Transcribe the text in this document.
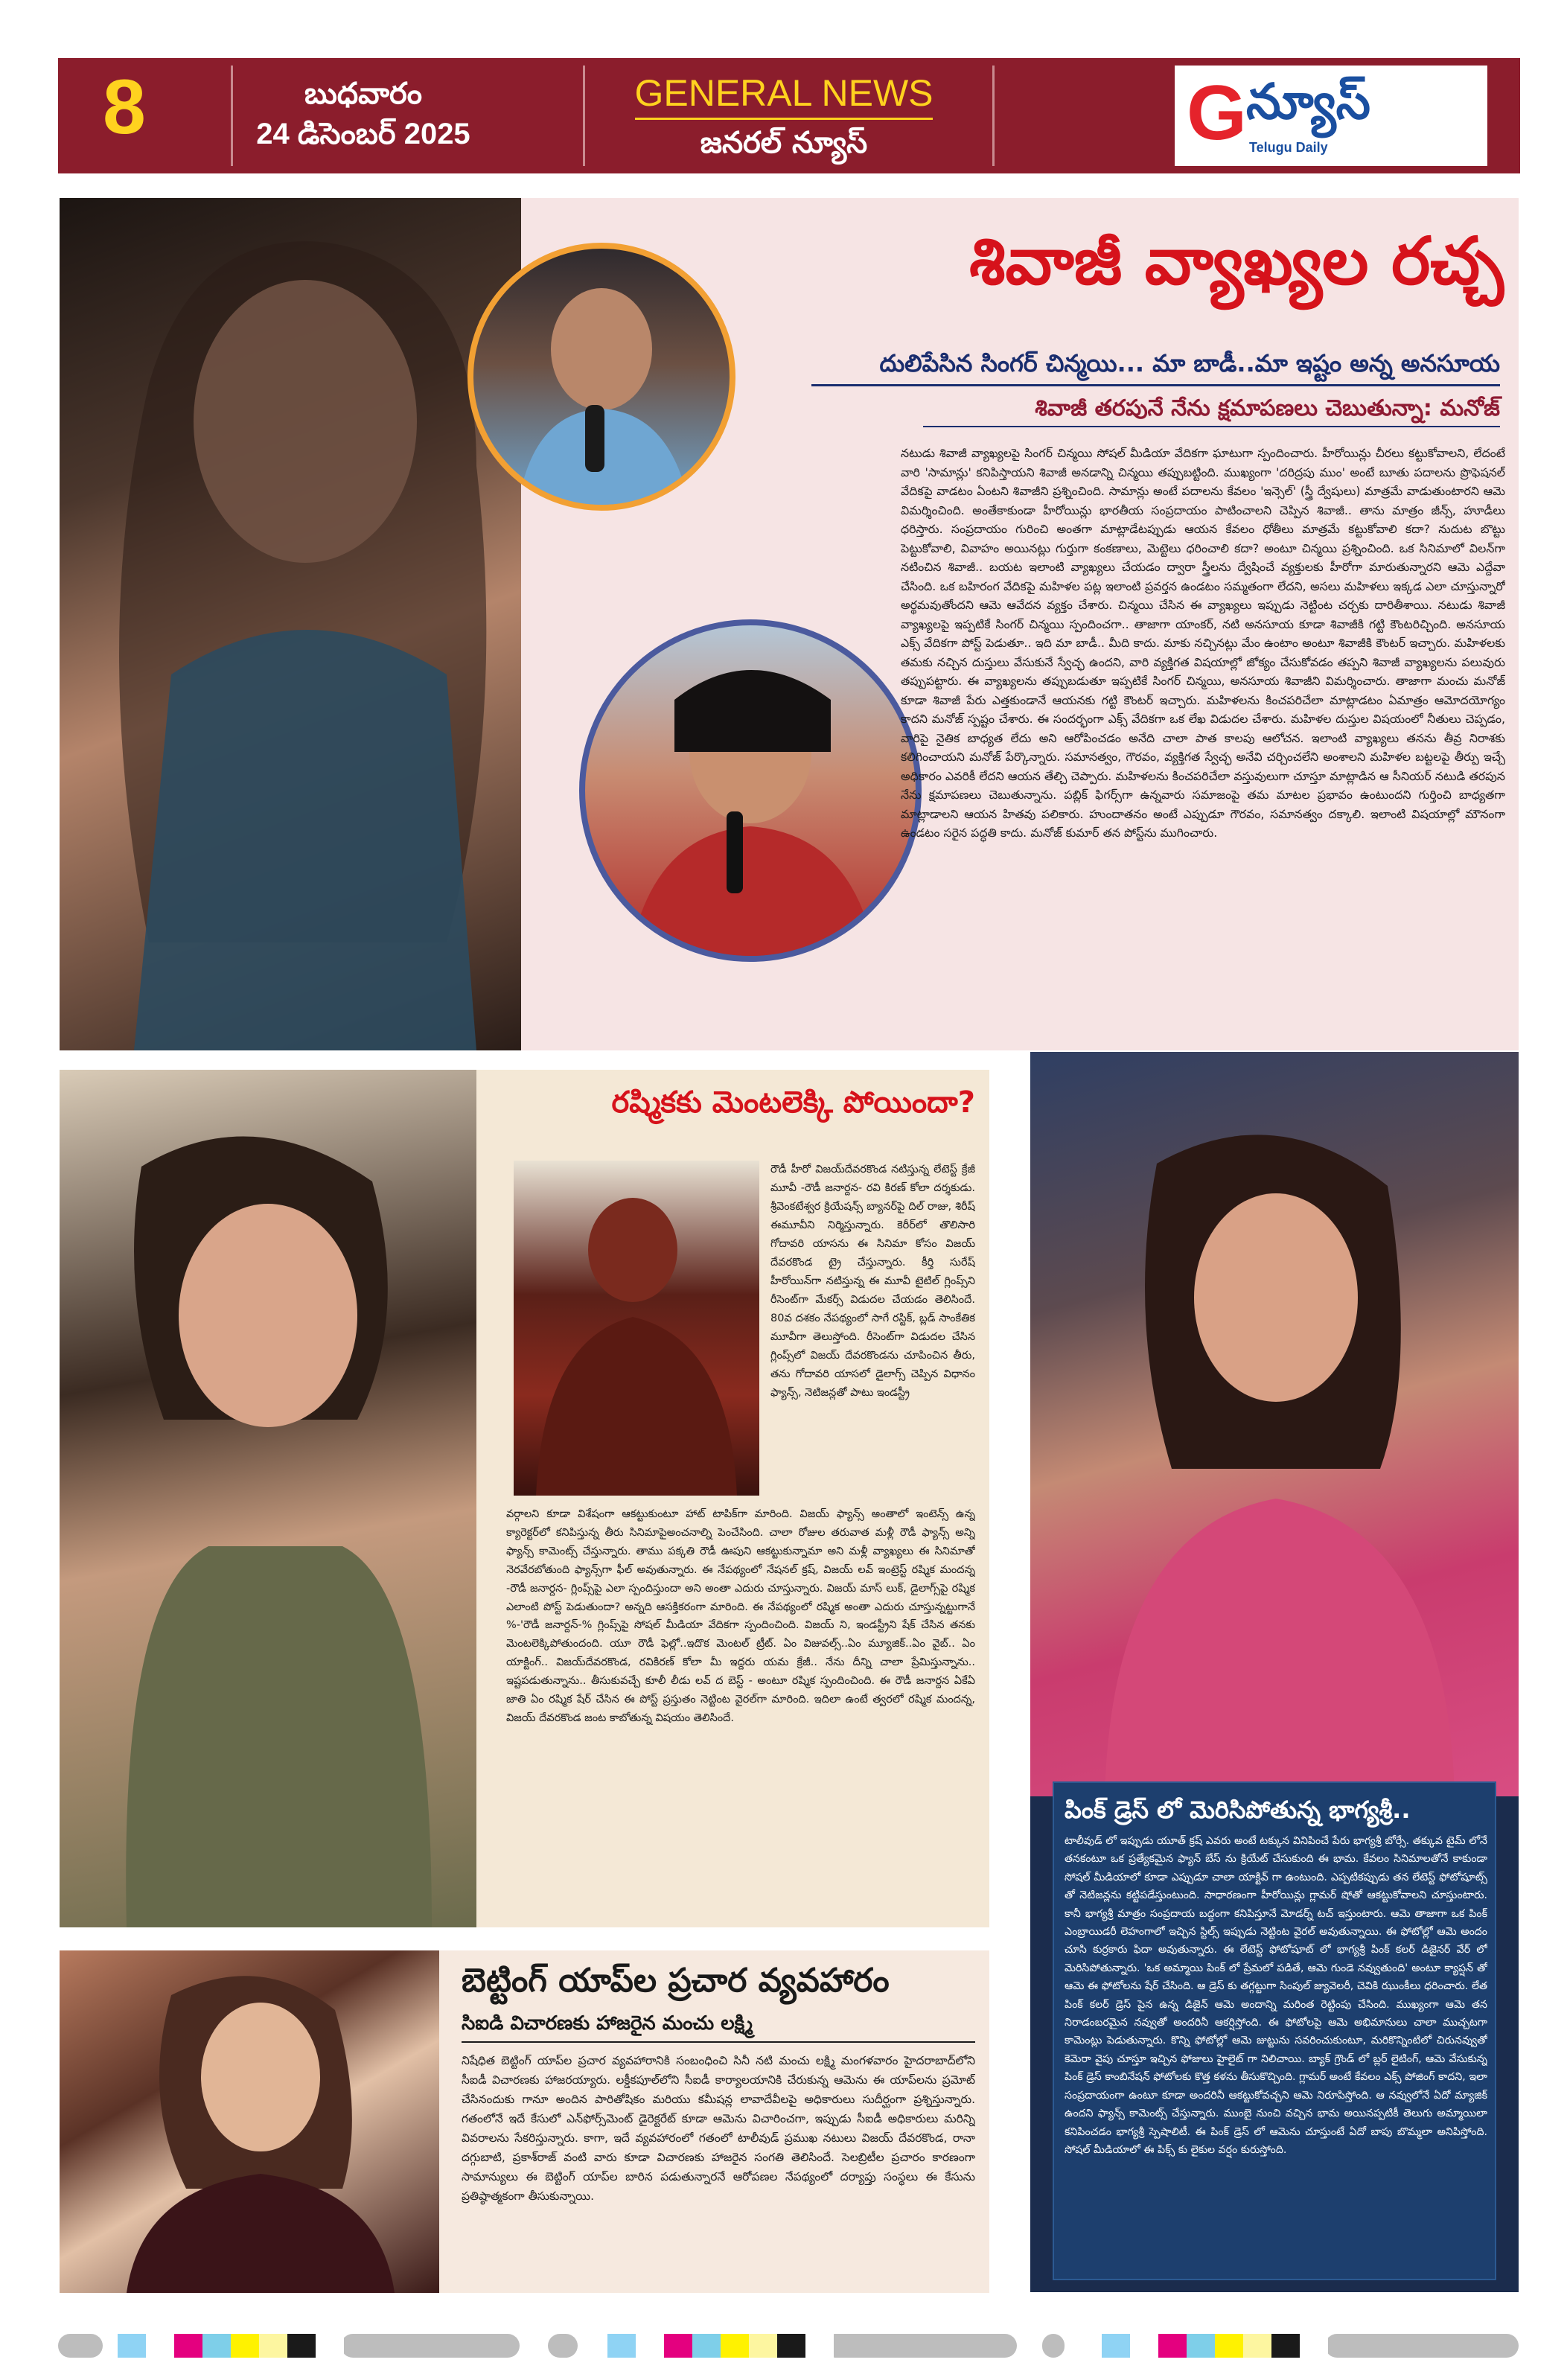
8	బుధవారం
24 డిసెంబర్ 2025
GENERAL NEWS
జనరల్ న్యూస్	G న్యూస్
Telugu Daily
శివాజీ వ్యాఖ్యల రచ్చ
దులిపేసిన సింగర్ చిన్మయి... మా బాడీ..మా ఇష్టం అన్న అనసూయ
శివాజీ తరపునే నేను క్షమాపణలు చెబుతున్నా: మనోజ్
నటుడు శివాజీ వ్యాఖ్యలపై సింగర్ చిన్మయి సోషల్ మీడియా వేదికగా ఘాటుగా స్పందించారు. హీరోయిన్లు చీరలు కట్టుకోవాలని, లేదంటే వారి 'సామాన్లు' కనిపిస్తాయని శివాజీ అనడాన్ని చిన్మయి తప్పుబట్టింది. ముఖ్యంగా 'దరిద్రపు ముం' అంటే బూతు పదాలను ప్రొఫెషనల్ వేదికపై వాడటం ఏంటని శివాజీని ప్రశ్నించింది. సామాన్లు అంటే పదాలను కేవలం 'ఇన్సెల్' (స్త్రీ ద్వేషులు) మాత్రమే వాడుతుంటారని ఆమె విమర్శించింది. అంతేకాకుండా హీరోయిన్లు భారతీయ సంప్రదాయం పాటించాలని చెప్పిన శివాజీ.. తాను మాత్రం జీన్స్, హూడీలు ధరిస్తారు. సంప్రదాయం గురించి అంతగా మాట్లాడేటప్పుడు ఆయన కేవలం ధోతీలు మాత్రమే కట్టుకోవాలి కదా? నుదుట బొట్టు పెట్టుకోవాలి, వివాహం అయినట్లు గుర్తుగా కంకణాలు, మెట్టెలు ధరించాలి కదా? అంటూ చిన్మయి ప్రశ్నించింది. ఒక సినిమాలో విలన్‌గా నటించిన శివాజీ.. బయట ఇలాంటి వ్యాఖ్యలు చేయడం ద్వారా స్త్రీలను ద్వేషించే వ్యక్తులకు హీరోగా మారుతున్నారని ఆమె ఎద్దేవా చేసింది. ఒక బహిరంగ వేదికపై మహిళల పట్ల ఇలాంటి ప్రవర్తన ఉండటం సమ్మతంగా లేదని, అసలు మహిళలు ఇక్కడ ఎలా చూస్తున్నారో అర్థమవుతోందని ఆమె ఆవేదన వ్యక్తం చేశారు. చిన్మయి చేసిన ఈ వ్యాఖ్యలు ఇప్పుడు నెట్టింట చర్చకు దారితీశాయి. నటుడు శివాజీ వ్యాఖ్యలపై ఇప్పటికే సింగర్ చిన్మయి స్పందించగా.. తాజాగా యాంకర్, నటి అనసూయ కూడా శివాజీకి గట్టి కౌంటరిచ్చింది. అనసూయ ఎక్స్ వేదికగా పోస్ట్ పెడుతూ.. ఇది మా బాడీ.. మీది కాదు. మాకు నచ్చినట్లు మేం ఉంటాం అంటూ శివాజీకి కౌంటర్ ఇచ్చారు. మహిళలకు తమకు నచ్చిన దుస్తులు వేసుకునే స్వేచ్ఛ ఉందని, వారి వ్యక్తిగత విషయాల్లో జోక్యం చేసుకోవడం తప్పని శివాజీ వ్యాఖ్యలను పలువురు తప్పుపట్టారు. ఈ వ్యాఖ్యలను తప్పుబడుతూ ఇప్పటికే సింగర్ చిన్మయి, అనసూయ శివాజీని విమర్శించారు. తాజాగా మంచు మనోజ్ కూడా శివాజీ పేరు ఎత్తకుండానే ఆయనకు గట్టి కౌంటర్ ఇచ్చారు. మహిళలను కించపరిచేలా మాట్లాడటం ఏమాత్రం ఆమోదయోగ్యం కాదని మనోజ్ స్పష్టం చేశారు. ఈ సందర్భంగా ఎక్స్ వేదికగా ఒక లేఖ విడుదల చేశారు. మహిళల దుస్తుల విషయంలో నీతులు చెప్పడం, వారిపై నైతిక బాధ్యత లేదు అని ఆరోపించడం అనేది చాలా పాత కాలపు ఆలోచన. ఇలాంటి వ్యాఖ్యలు తనను తీవ్ర నిరాశకు కలిగించాయని మనోజ్ పేర్కొన్నారు. సమానత్వం, గౌరవం, వ్యక్తిగత స్వేచ్ఛ అనేవి చర్చించలేని అంశాలని మహిళల బట్టలపై తీర్పు ఇచ్చే అధికారం ఎవరికీ లేదని ఆయన తేల్చి చెప్పారు. మహిళలను కించపరిచేలా వస్తువులుగా చూస్తూ మాట్లాడిన ఆ సీనియర్ నటుడి తరపున నేను క్షమాపణలు చెబుతున్నాను. పబ్లిక్ ఫిగర్స్‌గా ఉన్నవారు సమాజంపై తమ మాటల ప్రభావం ఉంటుందని గుర్తించి బాధ్యతగా మాట్లాడాలని ఆయన హితవు పలికారు. హుందాతనం అంటే ఎప్పుడూ గౌరవం, సమానత్వం దక్కాలి. ఇలాంటి విషయాల్లో మౌనంగా ఉండటం సరైన పద్ధతి కాదు. మనోజ్ కుమార్ తన పోస్ట్‌ను ముగించారు.
రష్మికకు మెంటలెక్కి పోయిందా?
రౌడీ హీరో విజయ్‌దేవరకొండ నటిస్తున్న లేటెస్ట్ క్రేజీ మూవీ -రౌడీ జనార్దన- రవి కిరణ్ కోలా దర్శకుడు. శ్రీవెంకటేశ్వర క్రియేషన్స్ బ్యానర్‌పై దిల్ రాజు, శిరీష్ ఈమూవీని నిర్మిస్తున్నారు. కెరీర్‌లో తొలిసారి గోదావరి యాసను ఈ సినిమా కోసం విజయ్ దేవరకొండ ట్రై చేస్తున్నారు. కీర్తి సురేష్ హీరోయిన్‌గా నటిస్తున్న ఈ మూవీ టైటిల్ గ్లింప్స్‌ని రీసెంట్‌గా మేకర్స్ విడుదల చేయడం తెలిసిందే. 80వ దశకం నేపథ్యంలో సాగే రస్టిక్, బ్లడ్ సాంకేతిక మూవీగా తెలుస్తోంది. రీసెంట్‌గా విడుదల చేసిన గ్లింప్స్‌లో విజయ్ దేవరకొండను చూపించిన తీరు, తను గోదావరి యాసలో డైలాగ్స్ చెప్పిన విధానం ఫ్యాన్స్, నెటిజన్లతో పాటు ఇండస్ట్రీ
వర్గాలని కూడా విశేషంగా ఆకట్టుకుంటూ హాట్ టాపిక్‌గా మారింది. విజయ్ ఫ్యాన్స్ అంతా‌లో ఇంటెన్స్ ఉన్న క్యారెక్టర్‌లో కనిపిస్తున్న తీరు సినిమాపైఅంచనాల్ని పెంచేసింది. చాలా రోజుల తరువాత మళ్లీ రౌడీ ఫ్యాన్స్ అన్ని ఫ్యాన్స్ కామెంట్స్ చేస్తున్నారు. తాము పక్కతి రౌడీ ఊపుని ఆకట్టుకున్నామా అని మళ్లీ వ్యాఖ్యలు ఈ సినిమాతో నెరవేరబోతుంది ఫ్యాన్స్‌గా ఫీల్ అవుతున్నారు. ఈ నేపథ్యంలో నేషనల్ క్రష్, విజయ్ లవ్ ఇంట్రెస్ట్ రష్మిక మందన్న -రౌడీ జనార్దన- గ్లింప్స్‌పై ఎలా స్పందిస్తుందా అని అంతా ఎదురు చూస్తున్నారు. విజయ్ మాస్ లుక్, డైలాగ్స్‌పై రష్మిక ఎలాంటి పోస్ట్ పెడుతుందా? అన్నది ఆసక్తికరంగా మారింది. ఈ నేపథ్యంలో రష్మిక అంతా ఎదురు చూస్తున్నట్టుగానే %-'రౌడీ జనార్దన్-% గ్లింప్స్‌పై సోషల్ మీడియా వేదికగా స్పందించింది. విజయ్ ని, ఇండస్ట్రీని షేక్ చేసిన తనకు మెంటలెక్కిపోతుందంది. యూ రౌడీ ఫెల్లో..ఇదొక మెంటల్ ట్రీట్. ఏం విజువల్స్..ఏం మ్యూజిక్..ఏం వైబ్.. ఏం యాక్టింగ్.. విజయ్‌దేవరకొండ, రవికిరణ్ కోలా మీ ఇద్దరు యమ క్రేజీ.. నేను దీన్ని చాలా ప్రేమిస్తున్నాను.. ఇష్టపడుతున్నాను.. తీసుకువచ్చే కూలీ లీడు లవ్ ద బెస్ట్ - అంటూ రష్మిక స్పందించింది. ఈ రౌడీ జనార్దన ఏకేఏ జాతి ఏం రష్మిక షేర్ చేసిన ఈ పోస్ట్ ప్రస్తుతం నెట్టింట వైరల్‌గా మారింది. ఇదిలా ఉంటే త్వరలో రష్మిక మందన్న, విజయ్ దేవరకొండ జంట కాబోతున్న విషయం తెలిసిందే.
పింక్ డ్రెస్ లో మెరిసిపోతున్న భాగ్యశ్రీ..
టాలీవుడ్ లో ఇప్పుడు యూత్ క్రష్ ఎవరు అంటే టక్కున వినిపించే పేరు భాగ్యశ్రీ బోర్సే. తక్కువ టైమ్ లోనే తనకంటూ ఒక ప్రత్యేకమైన ఫ్యాన్ బేస్ ను క్రియేట్ చేసుకుంది ఈ భామ. కేవలం సినిమాలతోనే కాకుండా సోషల్ మీడియాలో కూడా ఎప్పుడూ చాలా యాక్టివ్ గా ఉంటుంది. ఎప్పటికప్పుడు తన లేటెస్ట్ ఫోటోషూట్స్ తో నెటిజన్లను కట్టిపడేస్తుంటుంది. సాధారణంగా హీరోయిన్లు గ్లామర్ షోతో ఆకట్టుకోవాలని చూస్తుంటారు. కానీ భాగ్యశ్రీ మాత్రం సంప్రదాయ బద్ధంగా కనిపిస్తూనే మోడర్న్ టచ్ ఇస్తుంటారు. ఆమె తాజాగా ఒక పింక్ ఎంబ్రాయిడరీ లెహంగాలో ఇచ్చిన స్టిల్స్ ఇప్పుడు నెట్టింట వైరల్ అవుతున్నాయి. ఈ ఫోటోల్లో ఆమె అందం చూసి కుర్రకారు ఫిదా అవుతున్నారు. ఈ లేటెస్ట్ ఫోటోషూట్ లో భాగ్యశ్రీ పింక్ కలర్ డిజైనర్ వేర్ లో మెరిసిపోతున్నారు. 'ఒక అమ్మాయి పింక్ లో ప్రేమలో పడితే, ఆమె గుండె నవ్వుతుంది' అంటూ క్యాప్షన్ తో ఆమె ఈ ఫోటోలను షేర్ చేసింది. ఆ డ్రెస్ కు తగ్గట్టుగా సింపుల్ జ్యువెలరీ, చెవికి ఝుంకీలు ధరించారు. లేత పింక్ కలర్ డ్రెస్ పైన ఉన్న డిజైన్ ఆమె అందాన్ని మరింత రెట్టింపు చేసింది. ముఖ్యంగా ఆమె తన నిరాడంబరమైన నవ్వుతో అందరినీ ఆకర్షిస్తోంది. ఈ ఫోటోలపై ఆమె అభిమానులు చాలా ముచ్చటగా కామెంట్లు పెడుతున్నారు. కొన్ని ఫోటోల్లో ఆమె జుట్టును సవరించుకుంటూ, మరికొన్నింటిలో చిరునవ్వుతో కెమెరా వైపు చూస్తూ ఇచ్చిన ఫోజులు హైలైట్ గా నిలిచాయి. బ్యాక్ గ్రౌండ్ లో బ్లర్ లైటింగ్, ఆమె వేసుకున్న పింక్ డ్రెస్ కాంబినేషన్ ఫోటోలకు కొత్త కళను తీసుకొచ్చింది. గ్లామర్ అంటే కేవలం ఎక్స్ పోజింగ్ కాదని, ఇలా సంప్రదాయంగా ఉంటూ కూడా అందరినీ ఆకట్టుకోవచ్చని ఆమె నిరూపిస్తోంది. ఆ నవ్వులోనే ఏదో మ్యాజిక్ ఉందని ఫ్యాన్స్ కామెంట్స్ చేస్తున్నారు. ముంబై నుంచి వచ్చిన భామ అయినప్పటికీ తెలుగు అమ్మాయిలా కనిపించడం భాగ్యశ్రీ స్పెషాలిటీ. ఈ పింక్ డ్రెస్ లో ఆమెను చూస్తుంటే ఏదో బాపు బొమ్మలా అనిపిస్తోంది. సోషల్ మీడియాలో ఈ పిక్స్ కు లైకుల వర్షం కురుస్తోంది.
బెట్టింగ్ యాప్‌ల ప్రచార వ్యవహారం
సిఐడి విచారణకు హాజరైన మంచు లక్ష్మి
నిషేధిత బెట్టింగ్ యాప్‌ల ప్రచార వ్యవహారానికి సంబంధించి సినీ నటి మంచు లక్ష్మి మంగళవారం హైదరాబాద్‌లోని సీఐడీ విచారణకు హాజరయ్యారు. లక్డీకపూల్‌లోని సీఐడీ కార్యాలయానికి చేరుకున్న ఆమెను ఈ యాప్‌లను ప్రమోట్ చేసినందుకు గానూ అందిన పారితోషికం మరియు కమీషన్ల లావాదేవీలపై అధికారులు సుదీర్ఘంగా ప్రశ్నిస్తున్నారు. గతంలోనే ఇదే కేసులో ఎన్‌ఫోర్స్‌మెంట్ డైరెక్టరేట్ కూడా ఆమెను విచారించగా, ఇప్పుడు సీఐడీ అధికారులు మరిన్ని వివరాలను సేకరిస్తున్నారు. కాగా, ఇదే వ్యవహారంలో గతంలో టాలీవుడ్ ప్రముఖ నటులు విజయ్ దేవరకొండ, రానా దగ్గుబాటి, ప్రకాశ్‌రాజ్ వంటి వారు కూడా విచారణకు హాజరైన సంగతి తెలిసిందే. సెలబ్రిటీల ప్రచారం కారణంగా సామాన్యులు ఈ బెట్టింగ్ యాప్‌ల బారిన పడుతున్నారనే ఆరోపణల నేపథ్యంలో దర్యాప్తు సంస్థలు ఈ కేసును ప్రతిష్ఠాత్మకంగా తీసుకున్నాయి.
